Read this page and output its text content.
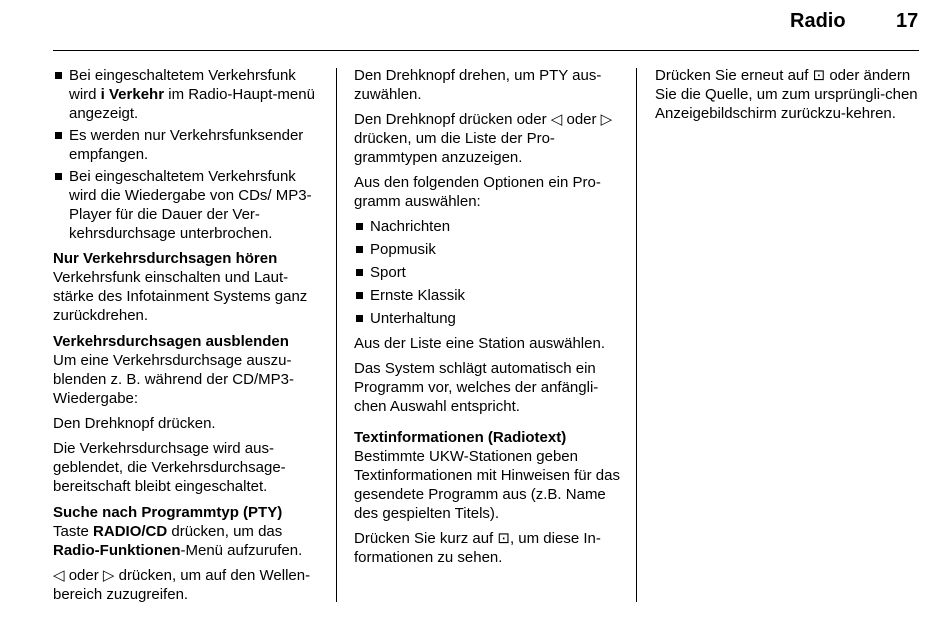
Radio	17
Bei eingeschaltetem Verkehrsfunk wird i Verkehr im Radio-Haupt-menü angezeigt.
Es werden nur Verkehrsfunksender empfangen.
Bei eingeschaltetem Verkehrsfunk wird die Wiedergabe von CDs/ MP3-Player für die Dauer der Ver-kehrsdurchsage unterbrochen.
Nur Verkehrsdurchsagen hören
Verkehrsfunk einschalten und Laut-stärke des Infotainment Systems ganz zurückdrehen.
Verkehrsdurchsagen ausblenden

Um eine Verkehrsdurchsage auszu-blenden z. B. während der CD/MP3-Wiedergabe:

Den Drehknopf drücken.

Die Verkehrsdurchsage wird aus-geblendet, die Verkehrsdurchsage-bereitschaft bleibt eingeschaltet.

Suche nach Programmtyp (PTY)

Taste RADIO/CD drücken, um das Radio-Funktionen-Menü aufzurufen.

◁ oder ▷ drücken, um auf den Wellen-bereich zuzugreifen.

Den Drehknopf drehen, um PTY aus-zuwählen.

Den Drehknopf drücken oder ◁ oder ▷ drücken, um die Liste der Pro-grammtypen anzuzeigen.

Aus den folgenden Optionen ein Pro-gramm auswählen:

Nachrichten
Popmusik
Sport
Ernste Klassik
Unterhaltung

Aus der Liste eine Station auswählen.

Das System schlägt automatisch ein Programm vor, welches der anfängli-chen Auswahl entspricht.

Textinformationen (Radiotext)

Bestimmte UKW-Stationen geben Textinformationen mit Hinweisen für das gesendete Programm aus (z.B. Name des gespielten Titels).

Drücken Sie kurz auf ⊡, um diese In-formationen zu sehen.

Drücken Sie erneut auf ⊡ oder ändern Sie die Quelle, um zum ursprüngli-chen Anzeigebildschirm zurückzu-kehren.
